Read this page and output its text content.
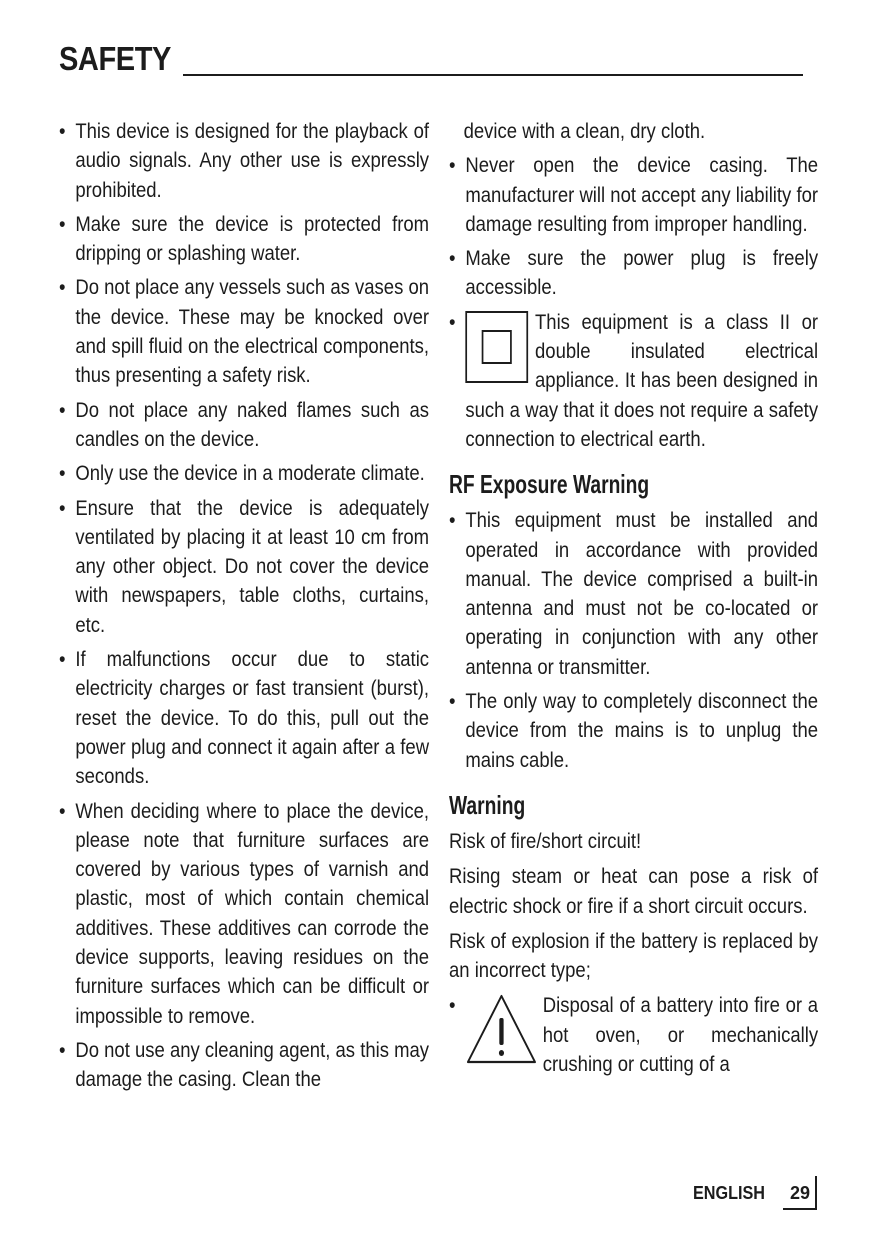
SAFETY
• This device is designed for the playback of audio signals. Any other use is expressly prohibited.
• Make sure the device is protected from dripping or splashing water.
• Do not place any vessels such as vases on the device. These may be knocked over and spill fluid on the electrical components, thus presenting a safety risk.
• Do not place any naked flames such as candles on the device.
• Only use the device in a moderate climate.
• Ensure that the device is adequately ventilated by placing it at least 10 cm from any other object. Do not cover the device with newspapers, table cloths, curtains, etc.
• If malfunctions occur due to static electricity charges or fast transient (burst), reset the device. To do this, pull out the power plug and connect it again after a few seconds.
• When deciding where to place the device, please note that furniture surfaces are covered by various types of varnish and plastic, most of which contain chemical additives. These additives can corrode the device supports, leaving residues on the furniture surfaces which can be difficult or impossible to remove.
• Do not use any cleaning agent, as this may damage the casing. Clean the
device with a clean, dry cloth.
• Never open the device casing. The manufacturer will not accept any liability for damage resulting from improper handling.
• Make sure the power plug is freely accessible.
• This equipment is a class II or double insulated electrical appliance. It has been designed in such a way that it does not require a safety connection to electrical earth.
RF Exposure Warning
• This equipment must be installed and operated in accordance with provided manual. The device comprised a built-in antenna and must not be co-located or operating in conjunction with any other antenna or transmitter.
• The only way to completely disconnect the device from the mains is to unplug the mains cable.
Warning

Risk of fire/short circuit!

Rising steam or heat can pose a risk of electric shock or fire if a short circuit occurs.

Risk of explosion if the battery is replaced by an incorrect type;

• Disposal of a battery into fire or a hot oven, or mechanically crushing or cutting of a
ENGLISH 29
